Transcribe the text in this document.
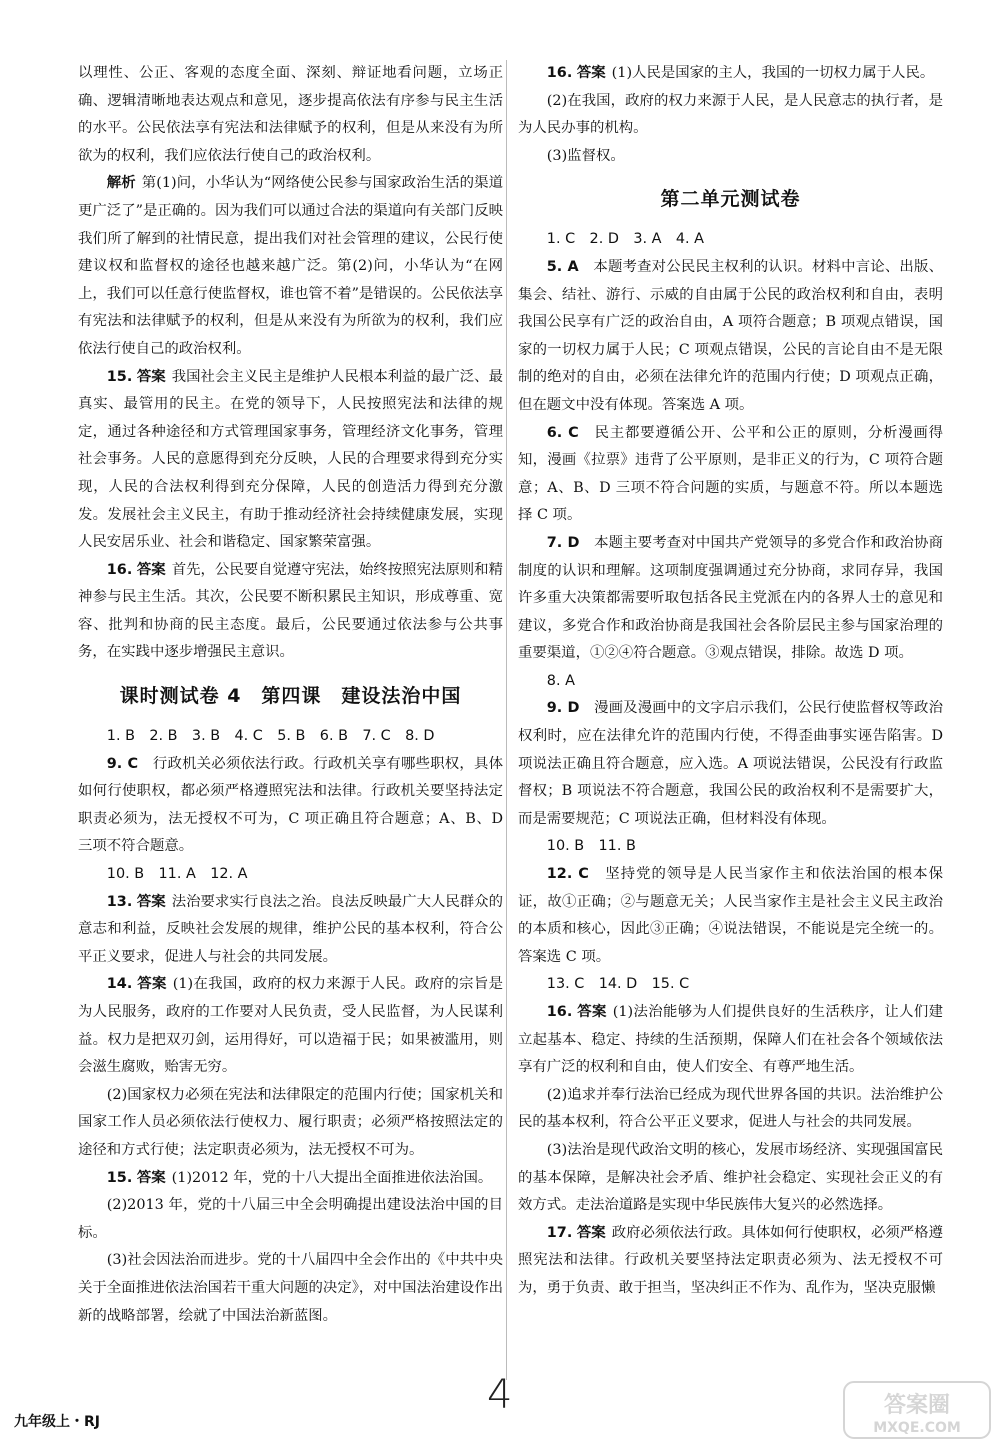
以理性、公正、客观的态度全面、深刻、辩证地看问题，立场正确、逻辑清晰地表达观点和意见，逐步提高依法有序参与民主生活的水平。公民依法享有宪法和法律赋予的权利，但是从来没有为所欲为的权利，我们应依法行使自己的政治权利。

解析 第(1)问，小华认为“网络使公民参与国家政治生活的渠道更广泛了”是正确的。因为我们可以通过合法的渠道向有关部门反映我们所了解到的社情民意，提出我们对社会管理的建议，公民行使建议权和监督权的途径也越来越广泛。第(2)问，小华认为“在网上，我们可以任意行使监督权，谁也管不着”是错误的。公民依法享有宪法和法律赋予的权利，但是从来没有为所欲为的权利，我们应依法行使自己的政治权利。

15. 答案 我国社会主义民主是维护人民根本利益的最广泛、最真实、最管用的民主。在党的领导下，人民按照宪法和法律的规定，通过各种途径和方式管理国家事务，管理经济文化事务，管理社会事务。人民的意愿得到充分反映，人民的合理要求得到充分实现，人民的合法权利得到充分保障，人民的创造活力得到充分激发。发展社会主义民主，有助于推动经济社会持续健康发展，实现人民安居乐业、社会和谐稳定、国家繁荣富强。

16. 答案 首先，公民要自觉遵守宪法，始终按照宪法原则和精神参与民主生活。其次，公民要不断积累民主知识，形成尊重、宽容、批判和协商的民主态度。最后，公民要通过依法参与公共事务，在实践中逐步增强民主意识。

课时测试卷 4　第四课　建设法治中国

1. B　2. B　3. B　4. C　5. B　6. B　7. C　8. D

9. C　 行政机关必须依法行政。行政机关享有哪些职权，具体如何行使职权，都必须严格遵照宪法和法律。行政机关要坚持法定职责必须为，法无授权不可为，C 项正确且符合题意；A、B、D 三项不符合题意。

10. B　11. A　12. A

13. 答案 法治要求实行良法之治。良法反映最广大人民群众的意志和利益，反映社会发展的规律，维护公民的基本权利，符合公平正义要求，促进人与社会的共同发展。

14. 答案 (1)在我国，政府的权力来源于人民。政府的宗旨是为人民服务，政府的工作要对人民负责，受人民监督，为人民谋利益。权力是把双刃剑，运用得好，可以造福于民；如果被滥用，则会滋生腐败，贻害无穷。

(2)国家权力必须在宪法和法律限定的范围内行使；国家机关和国家工作人员必须依法行使权力、履行职责；必须严格按照法定的途径和方式行使；法定职责必须为，法无授权不可为。

15. 答案 (1)2012 年，党的十八大提出全面推进依法治国。

(2)2013 年，党的十八届三中全会明确提出建设法治中国的目标。

(3)社会因法治而进步。党的十八届四中全会作出的《中共中央关于全面推进依法治国若干重大问题的决定》，对中国法治建设作出新的战略部署，绘就了中国法治新蓝图。

16. 答案 (1)人民是国家的主人，我国的一切权力属于人民。

(2)在我国，政府的权力来源于人民，是人民意志的执行者，是为人民办事的机构。

(3)监督权。

第二单元测试卷

1. C　2. D　3. A　4. A

5. A　 本题考查对公民民主权利的认识。材料中言论、出版、集会、结社、游行、示威的自由属于公民的政治权利和自由，表明我国公民享有广泛的政治自由，A 项符合题意；B 项观点错误，国家的一切权力属于人民；C 项观点错误，公民的言论自由不是无限制的绝对的自由，必须在法律允许的范围内行使；D 项观点正确，但在题文中没有体现。答案选 A 项。

6. C　 民主都要遵循公开、公平和公正的原则，分析漫画得知，漫画《拉票》违背了公平原则，是非正义的行为，C 项符合题意；A、B、D 三项不符合问题的实质，与题意不符。所以本题选择 C 项。

7. D　 本题主要考查对中国共产党领导的多党合作和政治协商制度的认识和理解。这项制度强调通过充分协商，求同存异，我国许多重大决策都需要听取包括各民主党派在内的各界人士的意见和建议，多党合作和政治协商是我国社会各阶层民主参与国家治理的重要渠道，①②④符合题意。③观点错误，排除。故选 D 项。

8. A

9. D　 漫画及漫画中的文字启示我们，公民行使监督权等政治权利时，应在法律允许的范围内行使，不得歪曲事实诬告陷害。D 项说法正确且符合题意，应入选。A 项说法错误，公民没有行政监督权；B 项说法不符合题意，我国公民的政治权利不是需要扩大，而是需要规范；C 项说法正确，但材料没有体现。

10. B　11. B

12. C　 坚持党的领导是人民当家作主和依法治国的根本保证，故①正确；②与题意无关；人民当家作主是社会主义民主政治的本质和核心，因此③正确；④说法错误，不能说是完全统一的。答案选 C 项。

13. C　14. D　15. C

16. 答案 (1)法治能够为人们提供良好的生活秩序，让人们建立起基本、稳定、持续的生活预期，保障人们在社会各个领域依法享有广泛的权利和自由，使人们安全、有尊严地生活。

(2)追求并奉行法治已经成为现代世界各国的共识。法治维护公民的基本权利，符合公平正义要求，促进人与社会的共同发展。

(3)法治是现代政治文明的核心，发展市场经济、实现强国富民的基本保障，是解决社会矛盾、维护社会稳定、实现社会正义的有效方式。走法治道路是实现中华民族伟大复兴的必然选择。

17. 答案 政府必须依法行政。具体如何行使职权，必须严格遵照宪法和法律。行政机关要坚持法定职责必须为、法无授权不可为，勇于负责、敢于担当，坚决纠正不作为、乱作为，坚决克服懒

4
九年级上・RJ
答案圈
MXQE.COM
